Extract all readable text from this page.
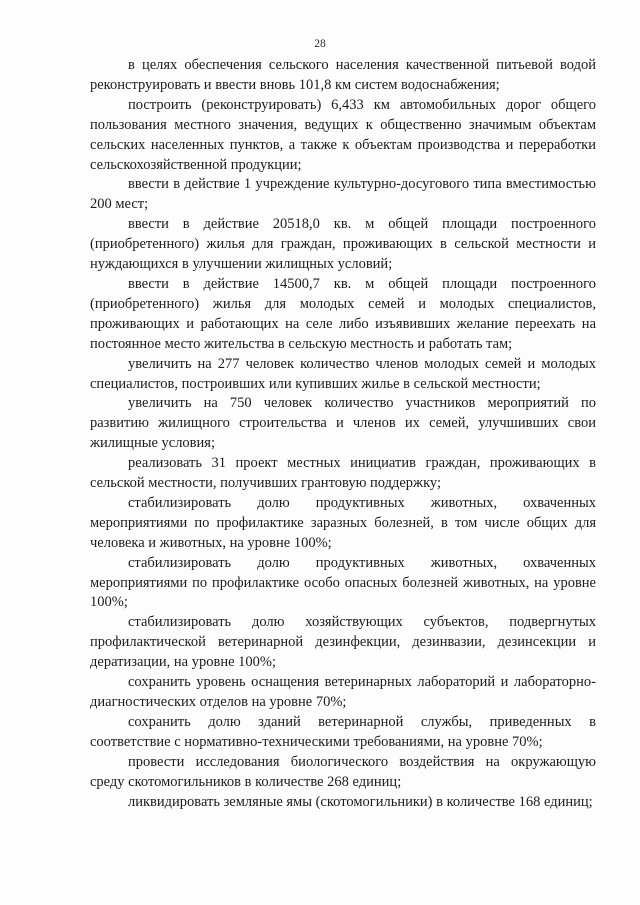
28

в целях обеспечения сельского населения качественной питьевой водой реконструировать и ввести вновь 101,8 км систем водоснабжения;

построить (реконструировать) 6,433 км автомобильных дорог общего пользования местного значения, ведущих к общественно значимым объектам сельских населенных пунктов, а также к объектам производства и переработки сельскохозяйственной продукции;

ввести в действие 1 учреждение культурно-досугового типа вместимостью 200 мест;

ввести в действие 20518,0 кв. м общей площади построенного (приобретенного) жилья для граждан, проживающих в сельской местности и нуждающихся в улучшении жилищных условий;

ввести в действие 14500,7 кв. м общей площади построенного (приобретенного) жилья для молодых семей и молодых специалистов, проживающих и работающих на селе либо изъявивших желание переехать на постоянное место жительства в сельскую местность и работать там;

увеличить на 277 человек количество членов молодых семей и молодых специалистов, построивших или купивших жилье в сельской местности;

увеличить на 750 человек количество участников мероприятий по развитию жилищного строительства и членов их семей, улучшивших свои жилищные условия;

реализовать 31 проект местных инициатив граждан, проживающих в сельской местности, получивших грантовую поддержку;

стабилизировать долю продуктивных животных, охваченных мероприятиями по профилактике заразных болезней, в том числе общих для человека и животных, на уровне 100%;

стабилизировать долю продуктивных животных, охваченных мероприятиями по профилактике особо опасных болезней животных, на уровне 100%;

стабилизировать долю хозяйствующих субъектов, подвергнутых профилактической ветеринарной дезинфекции, дезинвазии, дезинсекции и дератизации, на уровне 100%;

сохранить уровень оснащения ветеринарных лабораторий и лабораторно-диагностических отделов на уровне 70%;

сохранить долю зданий ветеринарной службы, приведенных в соответствие с нормативно-техническими требованиями, на уровне 70%;

провести исследования биологического воздействия на окружающую среду скотомогильников в количестве 268 единиц;

ликвидировать земляные ямы (скотомогильники) в количестве 168 единиц;
